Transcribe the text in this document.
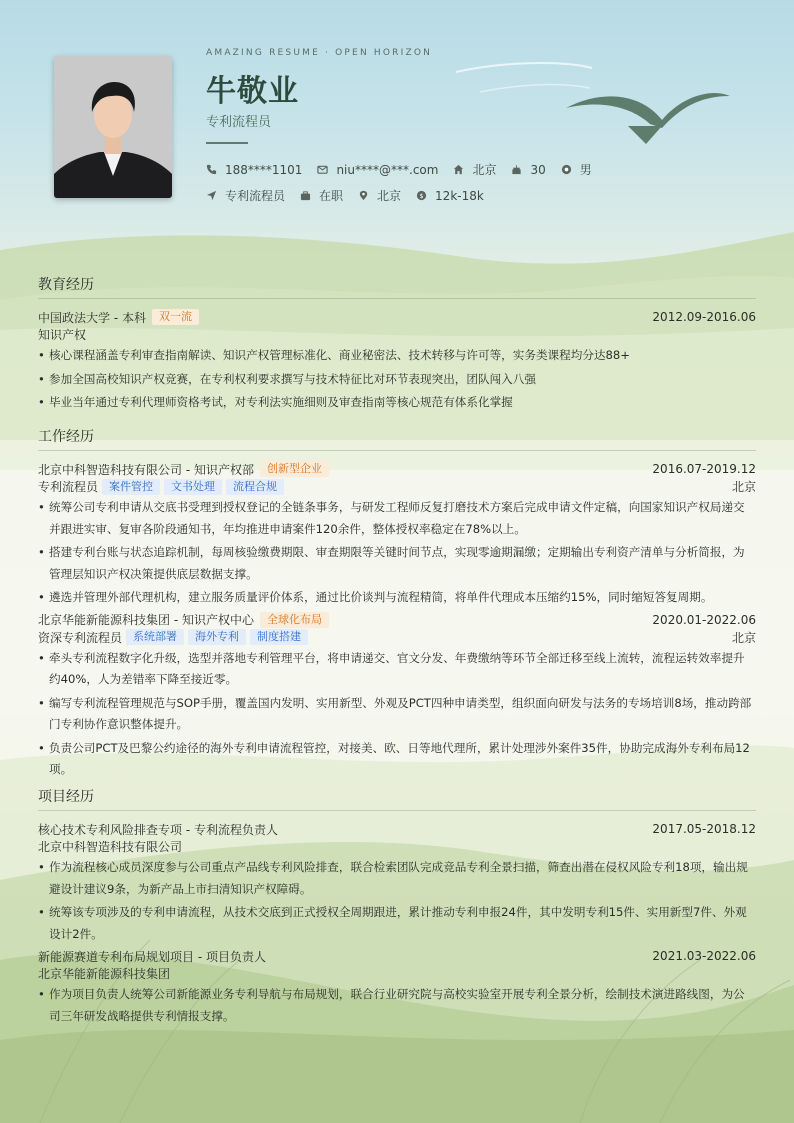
AMAZING RESUME · OPEN HORIZON
牛敬业
专利流程员
188****1101	niu****@***.com	北京	30	男
专利流程员	在职	北京	$ 12k-18k
教育经历
中国政法大学 - 本科	双一流	2012.09-2016.06
知识产权
• 核心课程涵盖专利审查指南解读、知识产权管理标准化、商业秘密法、技术转移与许可等，实务类课程均分达88+
• 参加全国高校知识产权竞赛，在专利权利要求撰写与技术特征比对环节表现突出，团队闯入八强
• 毕业当年通过专利代理师资格考试，对专利法实施细则及审查指南等核心规范有体系化掌握
工作经历
北京中科智造科技有限公司 - 知识产权部	创新型企业	2016.07-2019.12
专利流程员	案件管控	文书处理	流程合规	北京
• 统筹公司专利申请从交底书受理到授权登记的全链条事务，与研发工程师反复打磨技术方案后完成申请文件定稿，向国家知识产权局递交并跟进实审、复审各阶段通知书，年均推进申请案件120余件，整体授权率稳定在78%以上。
• 搭建专利台账与状态追踪机制，每周核验缴费期限、审查期限等关键时间节点，实现零逾期漏缴；定期输出专利资产清单与分析简报，为管理层知识产权决策提供底层数据支撑。
• 遴选并管理外部代理机构，建立服务质量评价体系，通过比价谈判与流程精简，将单件代理成本压缩约15%，同时缩短答复周期。
北京华能新能源科技集团 - 知识产权中心	全球化布局	2020.01-2022.06
资深专利流程员	系统部署	海外专利	制度搭建	北京
• 牵头专利流程数字化升级，选型并落地专利管理平台，将申请递交、官文分发、年费缴纳等环节全部迁移至线上流转，流程运转效率提升约40%，人为差错率下降至接近零。
• 编写专利流程管理规范与SOP手册，覆盖国内发明、实用新型、外观及PCT四种申请类型，组织面向研发与法务的专场培训8场，推动跨部门专利协作意识整体提升。
• 负责公司PCT及巴黎公约途径的海外专利申请流程管控，对接美、欧、日等地代理所，累计处理涉外案件35件，协助完成海外专利布局12项。
项目经历
核心技术专利风险排查专项 - 专利流程负责人	2017.05-2018.12
北京中科智造科技有限公司
• 作为流程核心成员深度参与公司重点产品线专利风险排查，联合检索团队完成竞品专利全景扫描，筛查出潜在侵权风险专利18项，输出规避设计建议9条，为新产品上市扫清知识产权障碍。
• 统筹该专项涉及的专利申请流程，从技术交底到正式授权全周期跟进，累计推动专利申报24件，其中发明专利15件、实用新型7件、外观设计2件。
新能源赛道专利布局规划项目 - 项目负责人	2021.03-2022.06
北京华能新能源科技集团
• 作为项目负责人统筹公司新能源业务专利导航与布局规划，联合行业研究院与高校实验室开展专利全景分析，绘制技术演进路线图，为公司三年研发战略提供专利情报支撑。
